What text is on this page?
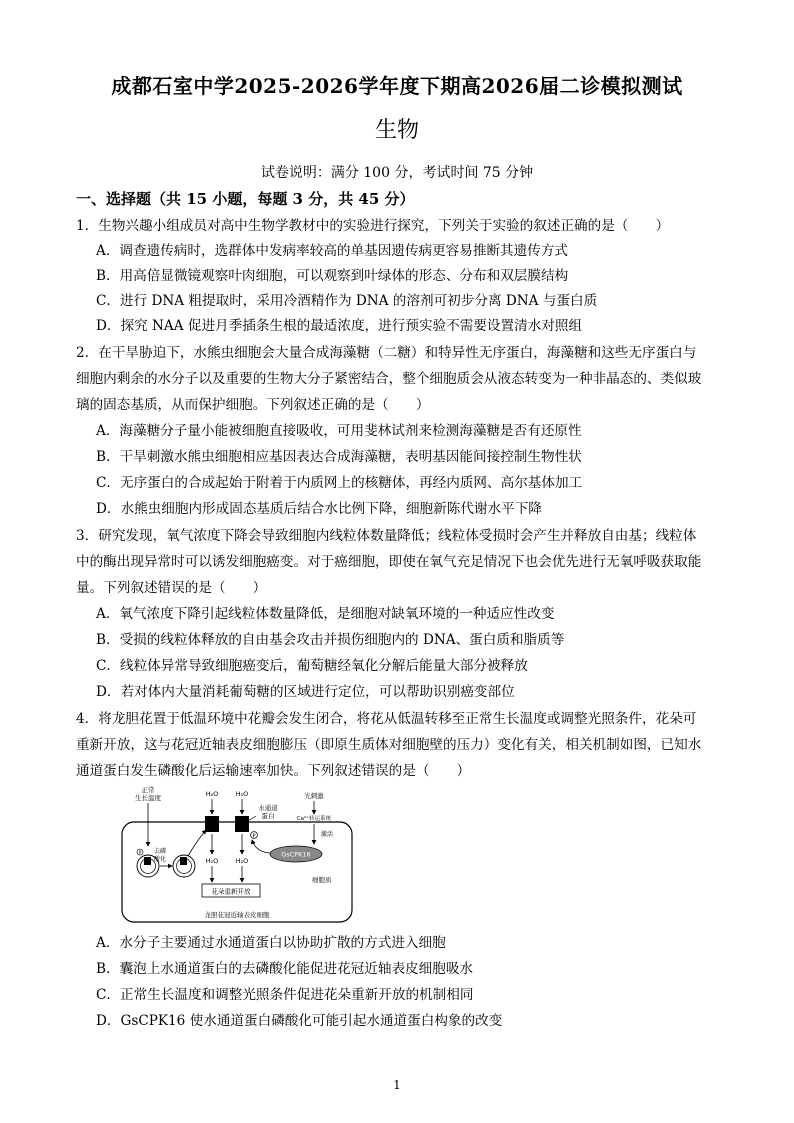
成都石室中学2025-2026学年度下期高2026届二诊模拟测试
生物
试卷说明：满分 100 分，考试时间 75 分钟
一、选择题（共 15 小题，每题 3 分，共 45 分）
1．生物兴趣小组成员对高中生物学教材中的实验进行探究，下列关于实验的叙述正确的是（　　）
A．调查遗传病时，选群体中发病率较高的单基因遗传病更容易推断其遗传方式
B．用高倍显微镜观察叶肉细胞，可以观察到叶绿体的形态、分布和双层膜结构
C．进行 DNA 粗提取时，采用冷酒精作为 DNA 的溶剂可初步分离 DNA 与蛋白质
D．探究 NAA 促进月季插条生根的最适浓度，进行预实验不需要设置清水对照组
2．在干旱胁迫下，水熊虫细胞会大量合成海藻糖（二糖）和特异性无序蛋白，海藻糖和这些无序蛋白与
细胞内剩余的水分子以及重要的生物大分子紧密结合，整个细胞质会从液态转变为一种非晶态的、类似玻
璃的固态基质，从而保护细胞。下列叙述正确的是（　　）
A．海藻糖分子量小能被细胞直接吸收，可用斐林试剂来检测海藻糖是否有还原性
B．干旱刺激水熊虫细胞相应基因表达合成海藻糖，表明基因能间接控制生物性状
C．无序蛋白的合成起始于附着于内质网上的核糖体，再经内质网、高尔基体加工
D．水熊虫细胞内形成固态基质后结合水比例下降，细胞新陈代谢水平下降
3．研究发现，氧气浓度下降会导致细胞内线粒体数量降低；线粒体受损时会产生并释放自由基；线粒体
中的酶出现异常时可以诱发细胞癌变。对于癌细胞，即使在氧气充足情况下也会优先进行无氧呼吸获取能
量。下列叙述错误的是（　　）
A．氧气浓度下降引起线粒体数量降低，是细胞对缺氧环境的一种适应性改变
B．受损的线粒体释放的自由基会攻击并损伤细胞内的 DNA、蛋白质和脂质等
C．线粒体异常导致细胞癌变后，葡萄糖经氧化分解后能量大部分被释放
D．若对体内大量消耗葡萄糖的区域进行定位，可以帮助识别癌变部位
4．将龙胆花置于低温环境中花瓣会发生闭合，将花从低温转移至正常生长温度或调整光照条件，花朵可
重新开放，这与花冠近轴表皮细胞膨压（即原生质体对细胞壁的压力）变化有关，相关机制如图，已知水
通道蛋白发生磷酸化后运输速率加快。下列叙述错误的是（　　）
正常
生长温度	H₂O	H₂O
水通道
蛋白
P
H₂O	H₂O
花朵重新开放
光刺激
Ca²⁺转运系统
激活
GsCPK16
P 去磷
酸化
细胞质
龙胆花冠近轴表皮细胞
A．水分子主要通过水通道蛋白以协助扩散的方式进入细胞
B．囊泡上水通道蛋白的去磷酸化能促进花冠近轴表皮细胞吸水
C．正常生长温度和调整光照条件促进花朵重新开放的机制相同
D．GsCPK16 使水通道蛋白磷酸化可能引起水通道蛋白构象的改变
1
